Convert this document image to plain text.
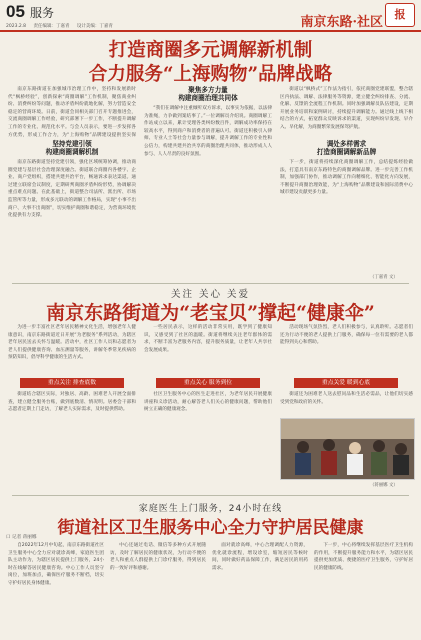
05 服务
2023.2.8 责任编辑：丁嘉青 设计美编：丁嘉青	南京东路·社区
报
打造商圈多元调解新机制
合力服务“上海购物”品牌战略

南京东路街道在加强城市治理工作中，坚持和发展新时代“枫桥经验”，创新探索“商圈调解”工作机制，聚焦商业纠纷、消费纠纷等问题，推动矛盾纠纷就地化解，努力营造安全稳定的营商环境。日前，街道会同相关部门召开专题推进会，交流商圈调解工作经验，研究部署下一步工作，不断提升调解工作的专业化、规范化水平。与会人员表示，要进一步发挥各方优势，形成工作合力，为“上海购物”品牌建设提供坚实保

坚持党建引领
构建商圈调解机制

南京东路街道坚持党建引领，强化区域统筹协调，推动商圈党建与基层社会治理深度融合。街道联合商圈内各楼宇、企业、商户党组织，搭建共建共治平台，畅通诉求表达渠道。通过建立联席会议制度，定期研判商圈矛盾纠纷形势，协调解决重点难点问题。在此基础上，街道整合司法所、派出所、市场监管所等力量，形成多元联动的调解工作格局，实现“小事不出商户、大事不出商圈”，切实维护商圈和谐稳定，为营商环境优化提供有力支撑。

聚焦多方力量
构建商圈治理共同体

“我们在调解中注重倾听双方诉求，以事实为依据，以法律为准绳，力争做到案结事了。”一位调解员介绍说。商圈调解工作站成立以来，累计受理各类纠纷数百件，调解成功率保持在较高水平，得到商户和消费者的普遍认可。街道还积极引入律师、专业人士等社会力量参与调解，提升调解工作的专业性和公信力，构建共建共治共享的商圈治理共同体，推动形成人人参与、人人尽责的良好氛围。

街道以“枫桥式”工作法为指引，依托商圈党建联盟，整合辖区内执法、调解、法律服务等资源，建立健全纠纷排查、分流、化解、反馈的全流程工作机制。同时加强调解员队伍建设，定期开展业务培训和案例研讨，持续提升调解能力。通过线上线下相结合的方式，拓宽群众反映诉求的渠道，实现纠纷早发现、早介入、早化解，为商圈繁荣发展保驾护航。

调处多样需求
打造商圈调解新品牌

下一步，街道将持续深化商圈调解工作，总结提炼经验做法，打造具有南京东路特色的商圈调解品牌。进一步完善工作机制，加强部门协作，推动调解工作向精细化、智能化方向发展，不断提升商圈治理效能，为“上海购物”品牌建设和国际消费中心城市建设贡献更多力量。

（丁嘉青 文）
关注 关心 关爱
南京东路街道为“老宝贝”撑起“健康伞”

为进一步丰富社区老年居民精神文化生活，增强老年人健康意识，南京东路街道近日开展“为老服务”系列活动，为辖区老年居民送去关怀与温暖。活动中，社区工作人员和志愿者为老人们提供健康咨询、血压测量等服务，讲解冬季常见疾病的预防知识，倡导科学健康的生活方式。

重点关注 排查底数

街道结合辖区实际，对独居、高龄、困难老人开展全面排查，建立健全服务台账，做到底数清、情况明。居委会干部和志愿者定期上门走访，了解老人实际需求，及时提供帮助。

一些居民表示，这样的活动非常实用，既学到了健康知识，又感受到了社区的温暖。街道将继续关注老年群体的需求，不断丰富为老服务内容，提升服务质量，让老年人共享社会发展成果。

重点关心 服务到位

社区卫生服务中心的医生走进社区，为老年居民开展健康讲座和义诊活动，耐心解答老人们关心的健康问题，帮助他们树立正确的健康观念。

活动现场气氛热烈，老人们积极参与，认真聆听。志愿者们还为行动不便的老人提供上门服务，确保每一位有需要的老人都能得到关心和帮助。

重点关爱 暖到心底

街道还为困难老人送去慰问品和生活必需品，让他们切实感受到党和政府的关怀。

（蒋丽娜 文）
家庭医生上门服务，24小时在线
街道社区卫生服务中心全力守护居民健康
口 记者 蒋丽娜

自2022年12月中旬起，南京东路街道社区卫生服务中心全力应对就诊高峰，家庭医生团队主动作为，为辖区居民提供上门服务，24小时在线解答居民健康咨询。中心工作人员坚守岗位，加班加点，确保医疗服务不断档，切实守护好居民身体健康。

中心还通过电话、微信等多种方式开展随访，及时了解居民的健康状况，为行动不便的老人和重点人群提供上门诊疗服务，得到居民的一致好评和感谢。

面对就诊高峰，中心合理调配人力资源，优化就诊流程，增设诊室，缩短居民等候时间，同时做好药品保障工作，满足居民的用药需求。

下一步，中心将继续发挥基层医疗卫生机构的作用，不断提升服务能力和水平，为辖区居民提供更加优质、便捷的医疗卫生服务，守护好居民的健康防线。
